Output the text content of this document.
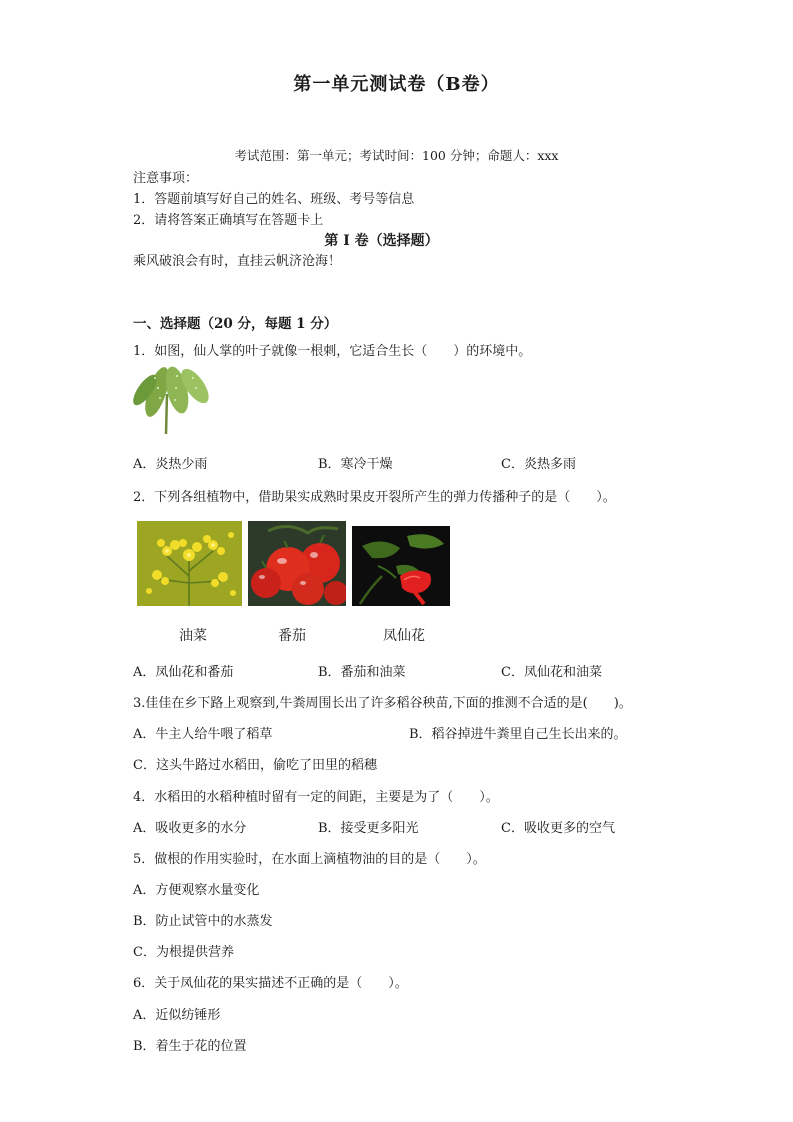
第一单元测试卷（B卷）
考试范围：第一单元；考试时间：100 分钟；命题人：xxx
注意事项：
1．答题前填写好自己的姓名、班级、考号等信息
2．请将答案正确填写在答题卡上
第 I 卷（选择题）
乘风破浪会有时，直挂云帆济沧海！
一、选择题（20 分，每题 1 分）
1．如图，仙人掌的叶子就像一根刺，它适合生长（　　）的环境中。
A．炎热少雨	B．寒冷干燥	C．炎热多雨
2．下列各组植物中，借助果实成熟时果皮开裂所产生的弹力传播种子的是（　　）。
油菜	番茄	凤仙花
A．凤仙花和番茄	B．番茄和油菜	C．凤仙花和油菜
3.佳佳在乡下路上观察到,牛粪周围长出了许多稻谷秧苗,下面的推测不合适的是(　　)。
A．牛主人给牛喂了稻草	B．稻谷掉进牛粪里自己生长出来的。
C．这头牛路过水稻田，偷吃了田里的稻穗
4．水稻田的水稻种植时留有一定的间距，主要是为了（　　）。
A．吸收更多的水分	B．接受更多阳光	C．吸收更多的空气
5．做根的作用实验时，在水面上滴植物油的目的是（　　）。
A．方便观察水量变化
B．防止试管中的水蒸发
C．为根提供营养
6．关于凤仙花的果实描述不正确的是（　　）。
A．近似纺锤形
B．着生于花的位置
